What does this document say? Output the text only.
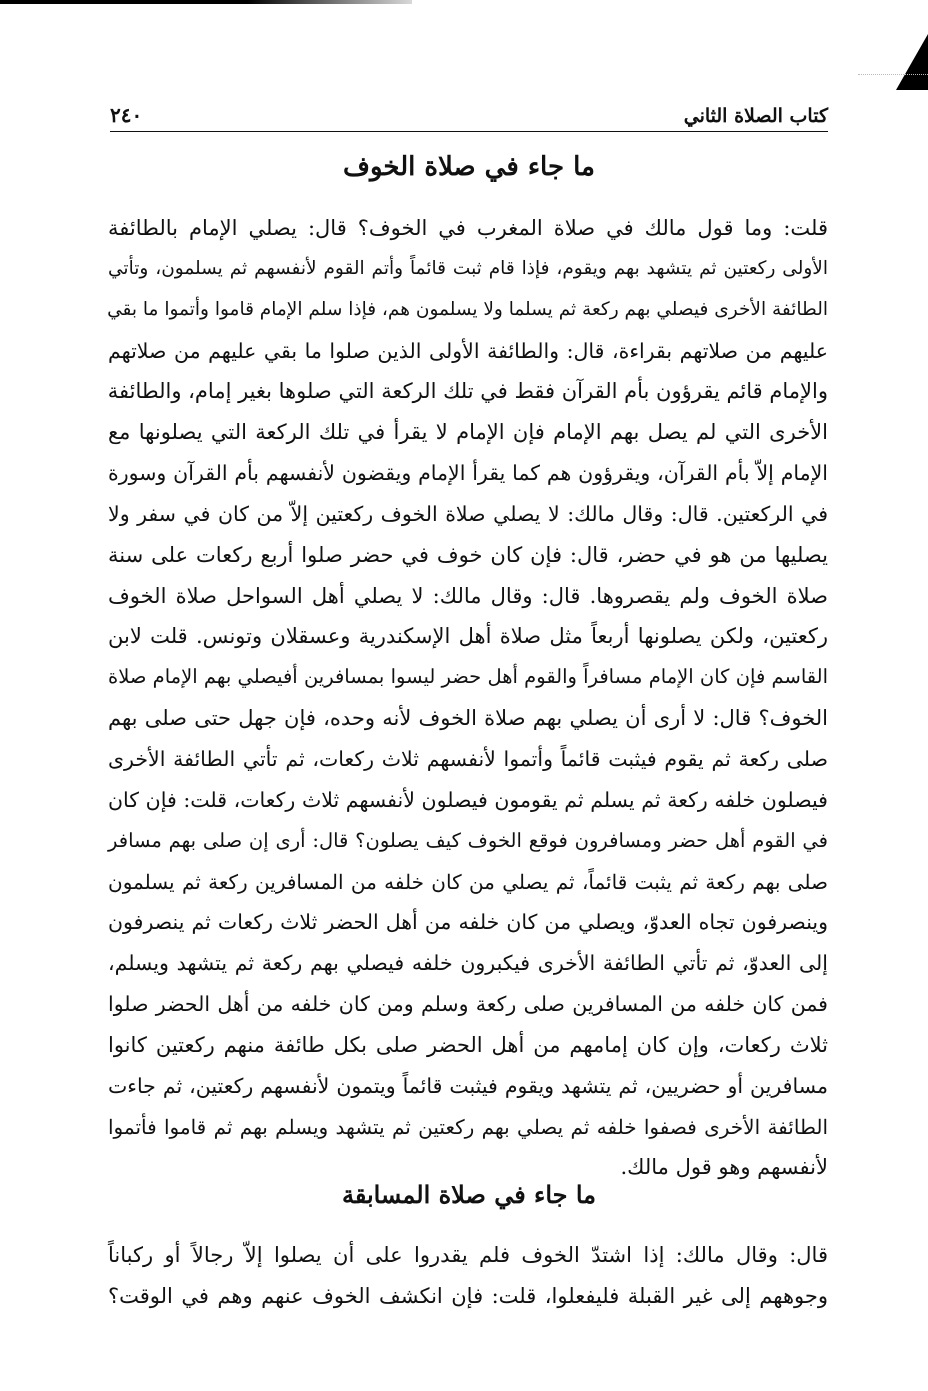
كتاب الصلاة الثاني
٢٤٠
ما جاء في صلاة الخوف

قلت: وما قول مالك في صلاة المغرب في الخوف؟ قال: يصلي الإمام بالطائفة
الأولى ركعتين ثم يتشهد بهم ويقوم، فإذا قام ثبت قائماً وأتم القوم لأنفسهم ثم يسلمون، وتأتي
الطائفة الأخرى فيصلي بهم ركعة ثم يسلما ولا يسلمون هم، فإذا سلم الإمام قاموا وأتموا ما بقي
عليهم من صلاتهم بقراءة، قال: والطائفة الأولى الذين صلوا ما بقي عليهم من صلاتهم
والإمام قائم يقرؤون بأم القرآن فقط في تلك الركعة التي صلوها بغير إمام، والطائفة
الأخرى التي لم يصل بهم الإمام فإن الإمام لا يقرأ في تلك الركعة التي يصلونها مع
الإمام إلاّ بأم القرآن، ويقرؤون هم كما يقرأ الإمام ويقضون لأنفسهم بأم القرآن وسورة
في الركعتين. قال: وقال مالك: لا يصلي صلاة الخوف ركعتين إلاّ من كان في سفر ولا
يصليها من هو في حضر، قال: فإن كان خوف في حضر صلوا أربع ركعات على سنة
صلاة الخوف ولم يقصروها. قال: وقال مالك: لا يصلي أهل السواحل صلاة الخوف
ركعتين، ولكن يصلونها أربعاً مثل صلاة أهل الإسكندرية وعسقلان وتونس. قلت لابن
القاسم فإن كان الإمام مسافراً والقوم أهل حضر ليسوا بمسافرين أفيصلي بهم الإمام صلاة
الخوف؟ قال: لا أرى أن يصلي بهم صلاة الخوف لأنه وحده، فإن جهل حتى صلى بهم
صلى ركعة ثم يقوم فيثبت قائماً وأتموا لأنفسهم ثلاث ركعات، ثم تأتي الطائفة الأخرى
فيصلون خلفه ركعة ثم يسلم ثم يقومون فيصلون لأنفسهم ثلاث ركعات، قلت: فإن كان
في القوم أهل حضر ومسافرون فوقع الخوف كيف يصلون؟ قال: أرى إن صلى بهم مسافر
صلى بهم ركعة ثم يثبت قائماً، ثم يصلي من كان خلفه من المسافرين ركعة ثم يسلمون
وينصرفون تجاه العدوّ، ويصلي من كان خلفه من أهل الحضر ثلاث ركعات ثم ينصرفون
إلى العدوّ، ثم تأتي الطائفة الأخرى فيكبرون خلفه فيصلي بهم ركعة ثم يتشهد ويسلم،
فمن كان خلفه من المسافرين صلى ركعة وسلم ومن كان خلفه من أهل الحضر صلوا
ثلاث ركعات، وإن كان إمامهم من أهل الحضر صلى بكل طائفة منهم ركعتين كانوا
مسافرين أو حضريين، ثم يتشهد ويقوم فيثبت قائماً ويتمون لأنفسهم ركعتين، ثم جاءت
الطائفة الأخرى فصفوا خلفه ثم يصلي بهم ركعتين ثم يتشهد ويسلم بهم ثم قاموا فأتموا
لأنفسهم وهو قول مالك.

ما جاء في صلاة المسابقة

قال: وقال مالك: إذا اشتدّ الخوف فلم يقدروا على أن يصلوا إلاّ رجالاً أو ركباناً
وجوههم إلى غير القبلة فليفعلوا، قلت: فإن انكشف الخوف عنهم وهم في الوقت؟
